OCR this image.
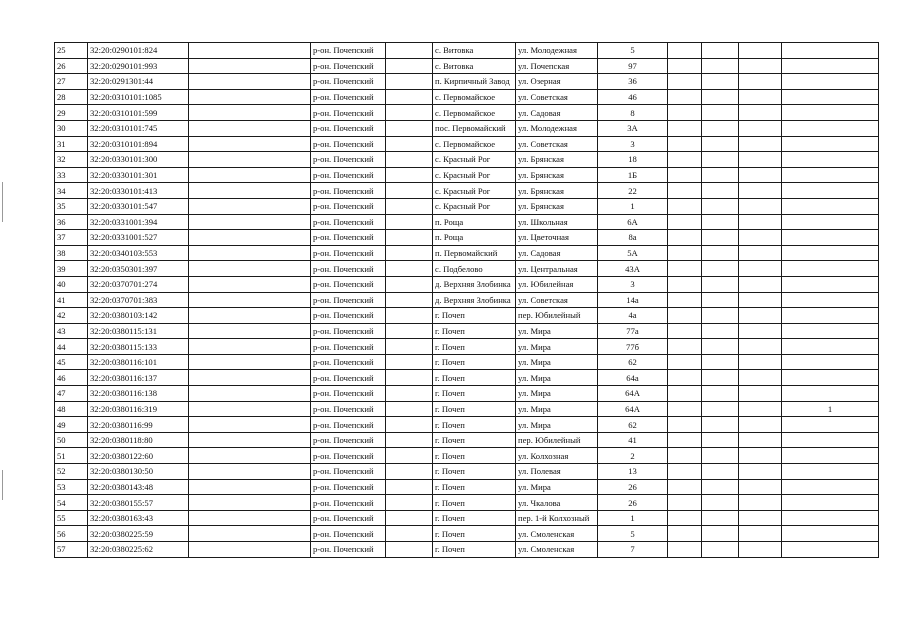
25	32:20:0290101:824		р-он. Почепский		с. Витовка	ул. Молодежная	5				
26	32:20:0290101:993		р-он. Почепский		с. Витовка	ул. Почепская	97				
27	32:20:0291301:44		р-он. Почепский		п. Кирпичный Завод	ул. Озерная	36				
28	32:20:0310101:1085		р-он. Почепский		с. Первомайское	ул. Советская	46				
29	32:20:0310101:599		р-он. Почепский		с. Первомайское	ул. Садовая	8				
30	32:20:0310101:745		р-он. Почепский		пос. Первомайский	ул. Молодежная	3А				
31	32:20:0310101:894		р-он. Почепский		с. Первомайское	ул. Советская	3				
32	32:20:0330101:300		р-он. Почепский		с. Красный Рог	ул. Брянская	18				
33	32:20:0330101:301		р-он. Почепский		с. Красный Рог	ул. Брянская	1Б				
34	32:20:0330101:413		р-он. Почепский		с. Красный Рог	ул. Брянская	22				
35	32:20:0330101:547		р-он. Почепский		с. Красный Рог	ул. Брянская	1				
36	32:20:0331001:394		р-он. Почепский		п. Роща	ул. Школьная	6А				
37	32:20:0331001:527		р-он. Почепский		п. Роща	ул. Цветочная	8а				
38	32:20:0340103:553		р-он. Почепский		п. Первомайский	ул. Садовая	5А				
39	32:20:0350301:397		р-он. Почепский		с. Подбелово	ул. Центральная	43А				
40	32:20:0370701:274		р-он. Почепский		д. Верхняя Злобинка	ул. Юбилейная	3				
41	32:20:0370701:383		р-он. Почепский		д. Верхняя Злобинка	ул. Советская	14а				
42	32:20:0380103:142		р-он. Почепский		г. Почеп	пер. Юбилейный	4а				
43	32:20:0380115:131		р-он. Почепский		г. Почеп	ул. Мира	77а				
44	32:20:0380115:133		р-он. Почепский		г. Почеп	ул. Мира	77б				
45	32:20:0380116:101		р-он. Почепский		г. Почеп	ул. Мира	62				
46	32:20:0380116:137		р-он. Почепский		г. Почеп	ул. Мира	64а				
47	32:20:0380116:138		р-он. Почепский		г. Почеп	ул. Мира	64А				
48	32:20:0380116:319		р-он. Почепский		г. Почеп	ул. Мира	64А				1
49	32:20:0380116:99		р-он. Почепский		г. Почеп	ул. Мира	62				
50	32:20:0380118:80		р-он. Почепский		г. Почеп	пер. Юбилейный	41				
51	32:20:0380122:60		р-он. Почепский		г. Почеп	ул. Колхозная	2				
52	32:20:0380130:50		р-он. Почепский		г. Почеп	ул. Полевая	13				
53	32:20:0380143:48		р-он. Почепский		г. Почеп	ул. Мира	26				
54	32:20:0380155:57		р-он. Почепский		г. Почеп	ул. Чкалова	26				
55	32:20:0380163:43		р-он. Почепский		г. Почеп	пер. 1-й Колхозный	1				
56	32:20:0380225:59		р-он. Почепский		г. Почеп	ул. Смоленская	5				
57	32:20:0380225:62		р-он. Почепский		г. Почеп	ул. Смоленская	7				
